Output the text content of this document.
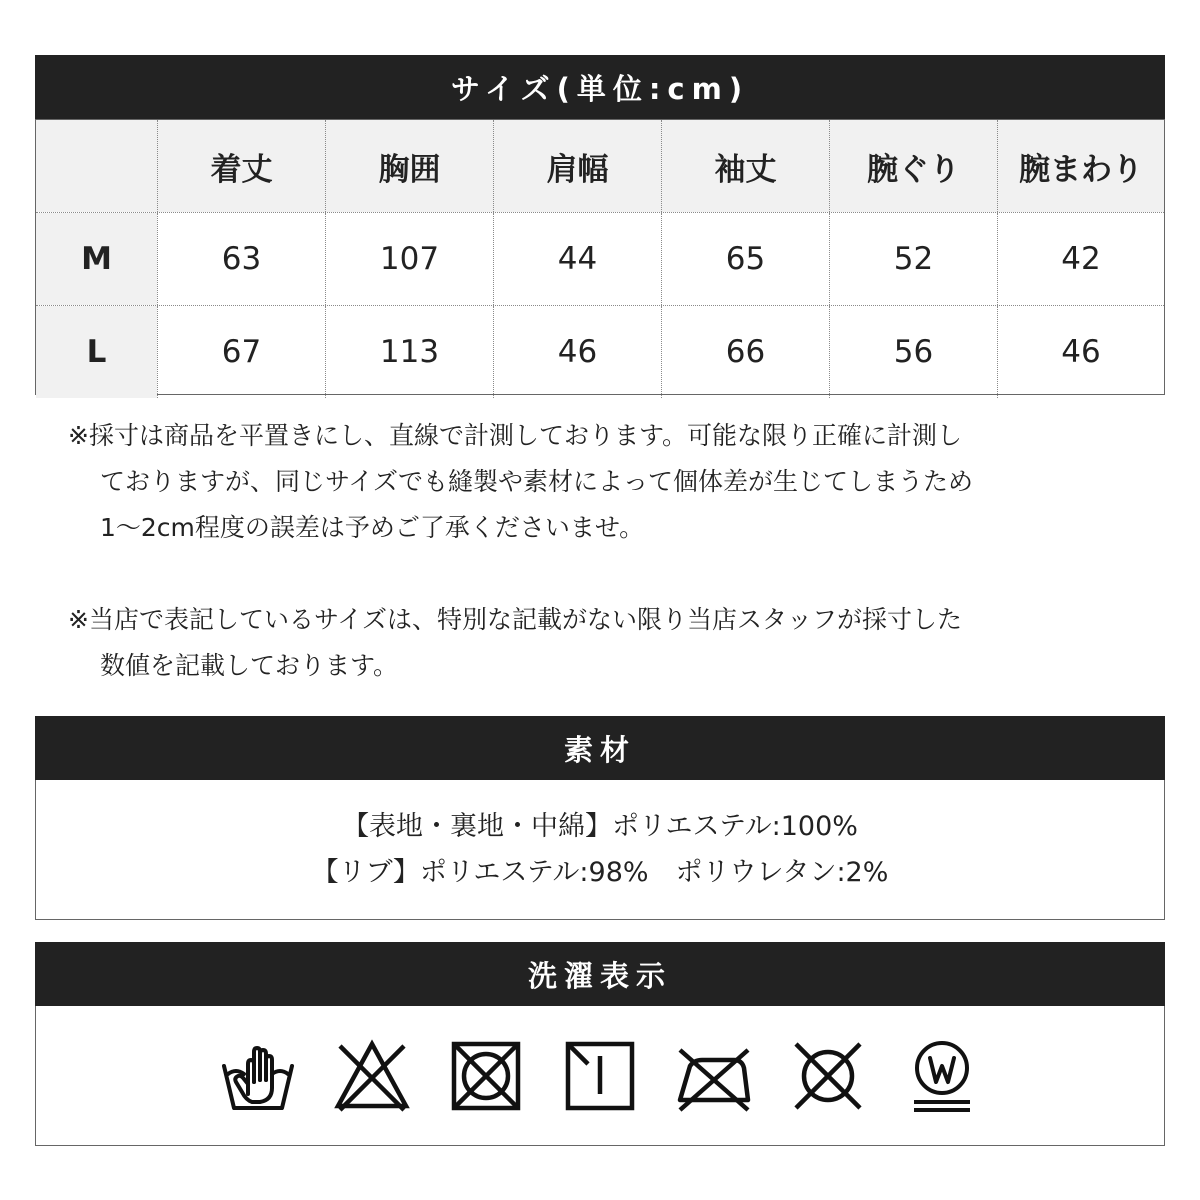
サイズ(単位:cm)
着丈	胸囲	肩幅	袖丈	腕ぐり	腕まわり
M	63	107	44	65	52	42
L	67	113	46	66	56	46
※採寸は商品を平置きにし、直線で計測しております。可能な限り正確に計測し
ておりますが、同じサイズでも縫製や素材によって個体差が生じてしまうため
1〜2cm程度の誤差は予めご了承くださいませ。
※当店で表記しているサイズは、特別な記載がない限り当店スタッフが採寸した
数値を記載しております。
素材
【表地・裏地・中綿】ポリエステル:100%
【リブ】ポリエステル:98%　ポリウレタン:2%
洗濯表示
